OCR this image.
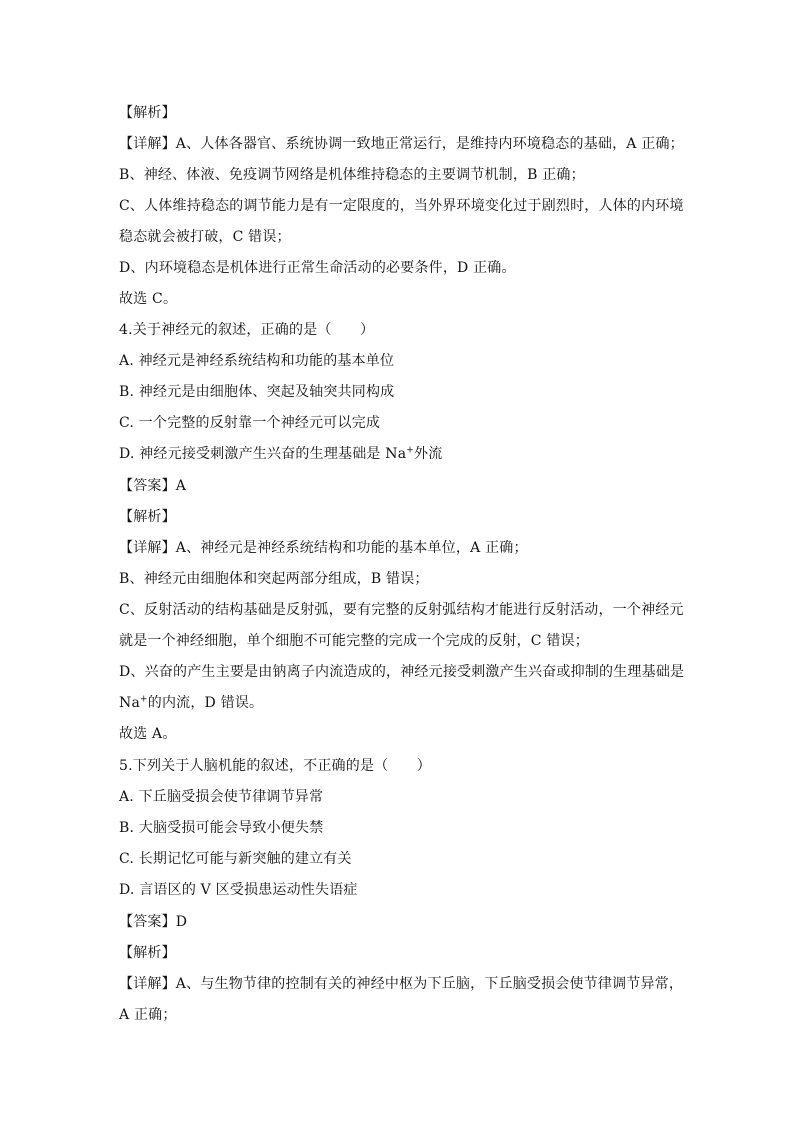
【解析】
【详解】A、人体各器官、系统协调一致地正常运行，是维持内环境稳态的基础，A 正确；
B、神经、体液、免疫调节网络是机体维持稳态的主要调节机制，B 正确；
C、人体维持稳态的调节能力是有一定限度的，当外界环境变化过于剧烈时，人体的内环境
稳态就会被打破，C 错误；
D、内环境稳态是机体进行正常生命活动的必要条件，D 正确。
故选 C。
4.关于神经元的叙述，正确的是（　　）
A. 神经元是神经系统结构和功能的基本单位
B. 神经元是由细胞体、突起及轴突共同构成
C. 一个完整的反射靠一个神经元可以完成
D. 神经元接受刺激产生兴奋的生理基础是 Na+外流
【答案】A
【解析】
【详解】A、神经元是神经系统结构和功能的基本单位，A 正确；
B、神经元由细胞体和突起两部分组成，B 错误；
C、反射活动的结构基础是反射弧，要有完整的反射弧结构才能进行反射活动，一个神经元
就是一个神经细胞，单个细胞不可能完整的完成一个完成的反射，C 错误；
D、兴奋的产生主要是由钠离子内流造成的，神经元接受刺激产生兴奋或抑制的生理基础是
Na+的内流，D 错误。
故选 A。
5.下列关于人脑机能的叙述，不正确的是（　　）
A. 下丘脑受损会使节律调节异常
B. 大脑受损可能会导致小便失禁
C. 长期记忆可能与新突触的建立有关
D. 言语区的 V 区受损患运动性失语症
【答案】D
【解析】
【详解】A、与生物节律的控制有关的神经中枢为下丘脑，下丘脑受损会使节律调节异常，
A 正确；
